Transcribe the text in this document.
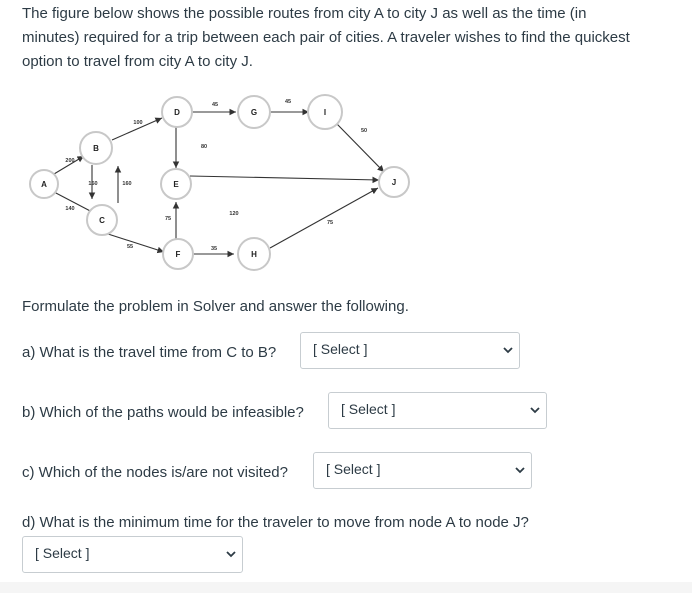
The figure below shows the possible routes from city A to city J as well as the time (in
minutes) required for a trip between each pair of cities. A traveler wishes to find the quickest
option to travel from city A to city J.
A
B
C
D
E
F
G
H
I
J
200
140
150	160
100
45	45
80
50
55
75
35
120
75
Formulate the problem in Solver and answer the following.
a) What is the travel time from C to B?	[ Select ]
b) Which of the paths would be infeasible?	[ Select ]
c) Which of the nodes is/are not visited?	[ Select ]
d) What is the minimum time for the traveler to move from node A to node J?
[ Select ]
